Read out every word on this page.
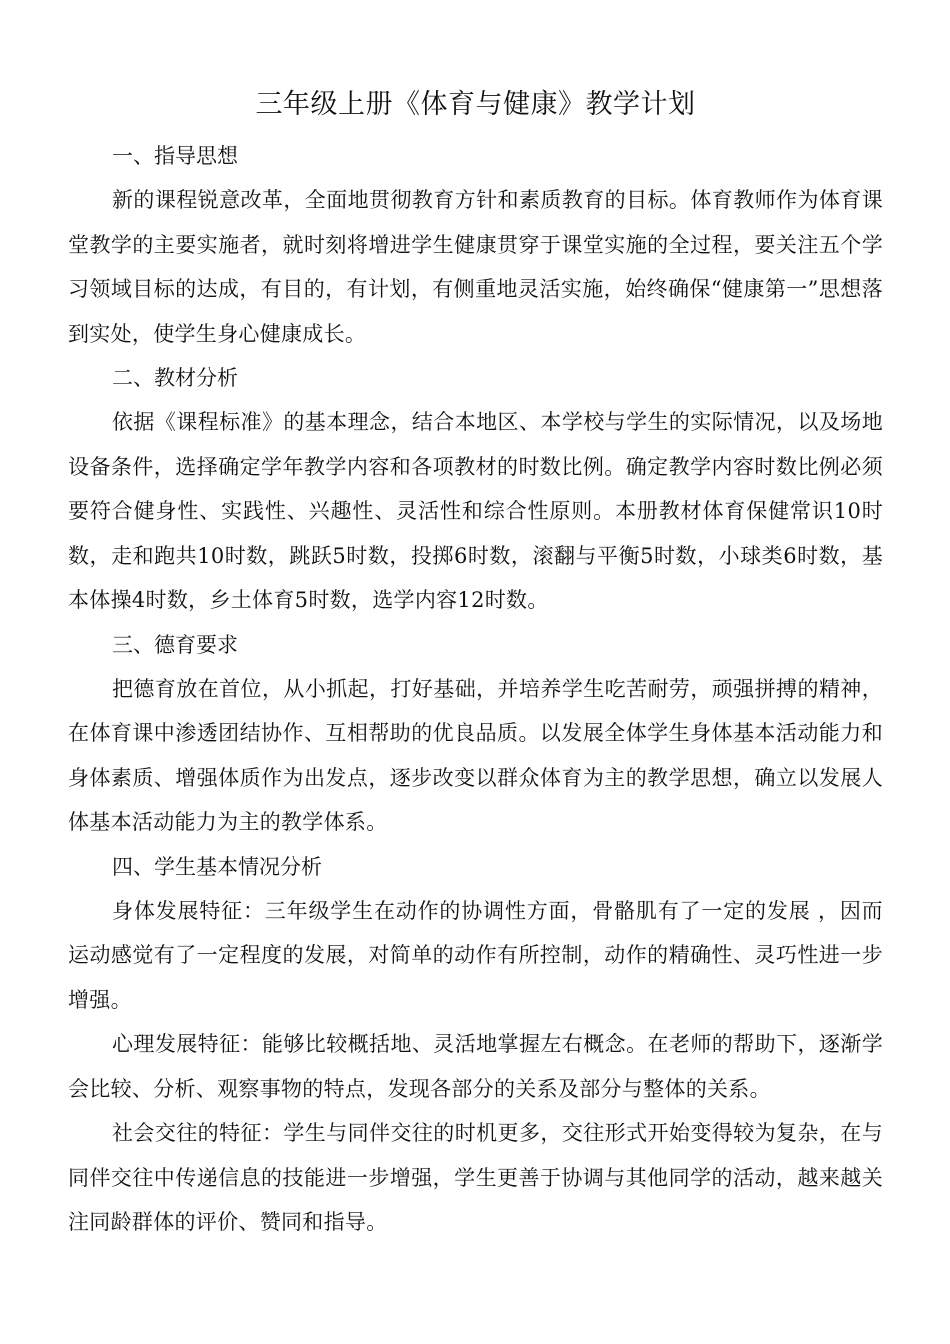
三年级上册《体育与健康》教学计划

一、指导思想

新的课程锐意改革，全面地贯彻教育方针和素质教育的目标。体育教师作为体育课堂教学的主要实施者，就时刻将增进学生健康贯穿于课堂实施的全过程，要关注五个学习领域目标的达成，有目的，有计划，有侧重地灵活实施，始终确保“健康第一”思想落到实处，使学生身心健康成长。

二、教材分析

依据《课程标准》的基本理念，结合本地区、本学校与学生的实际情况，以及场地设备条件，选择确定学年教学内容和各项教材的时数比例。确定教学内容时数比例必须要符合健身性、实践性、兴趣性、灵活性和综合性原则。本册教材体育保健常识10时数，走和跑共10时数，跳跃5时数，投掷6时数，滚翻与平衡5时数，小球类6时数，基本体操4时数，乡土体育5时数，选学内容12时数。

三、德育要求

把德育放在首位，从小抓起，打好基础，并培养学生吃苦耐劳，顽强拼搏的精神，在体育课中渗透团结协作、互相帮助的优良品质。以发展全体学生身体基本活动能力和身体素质、增强体质作为出发点，逐步改变以群众体育为主的教学思想，确立以发展人体基本活动能力为主的教学体系。

四、学生基本情况分析

身体发展特征：三年级学生在动作的协调性方面，骨骼肌有了一定的发展 ，因而运动感觉有了一定程度的发展，对简单的动作有所控制，动作的精确性、灵巧性进一步增强。

心理发展特征：能够比较概括地、灵活地掌握左右概念。在老师的帮助下，逐渐学会比较、分析、观察事物的特点，发现各部分的关系及部分与整体的关系。

社会交往的特征：学生与同伴交往的时机更多，交往形式开始变得较为复杂，在与同伴交往中传递信息的技能进一步增强，学生更善于协调与其他同学的活动，越来越关注同龄群体的评价、赞同和指导。
